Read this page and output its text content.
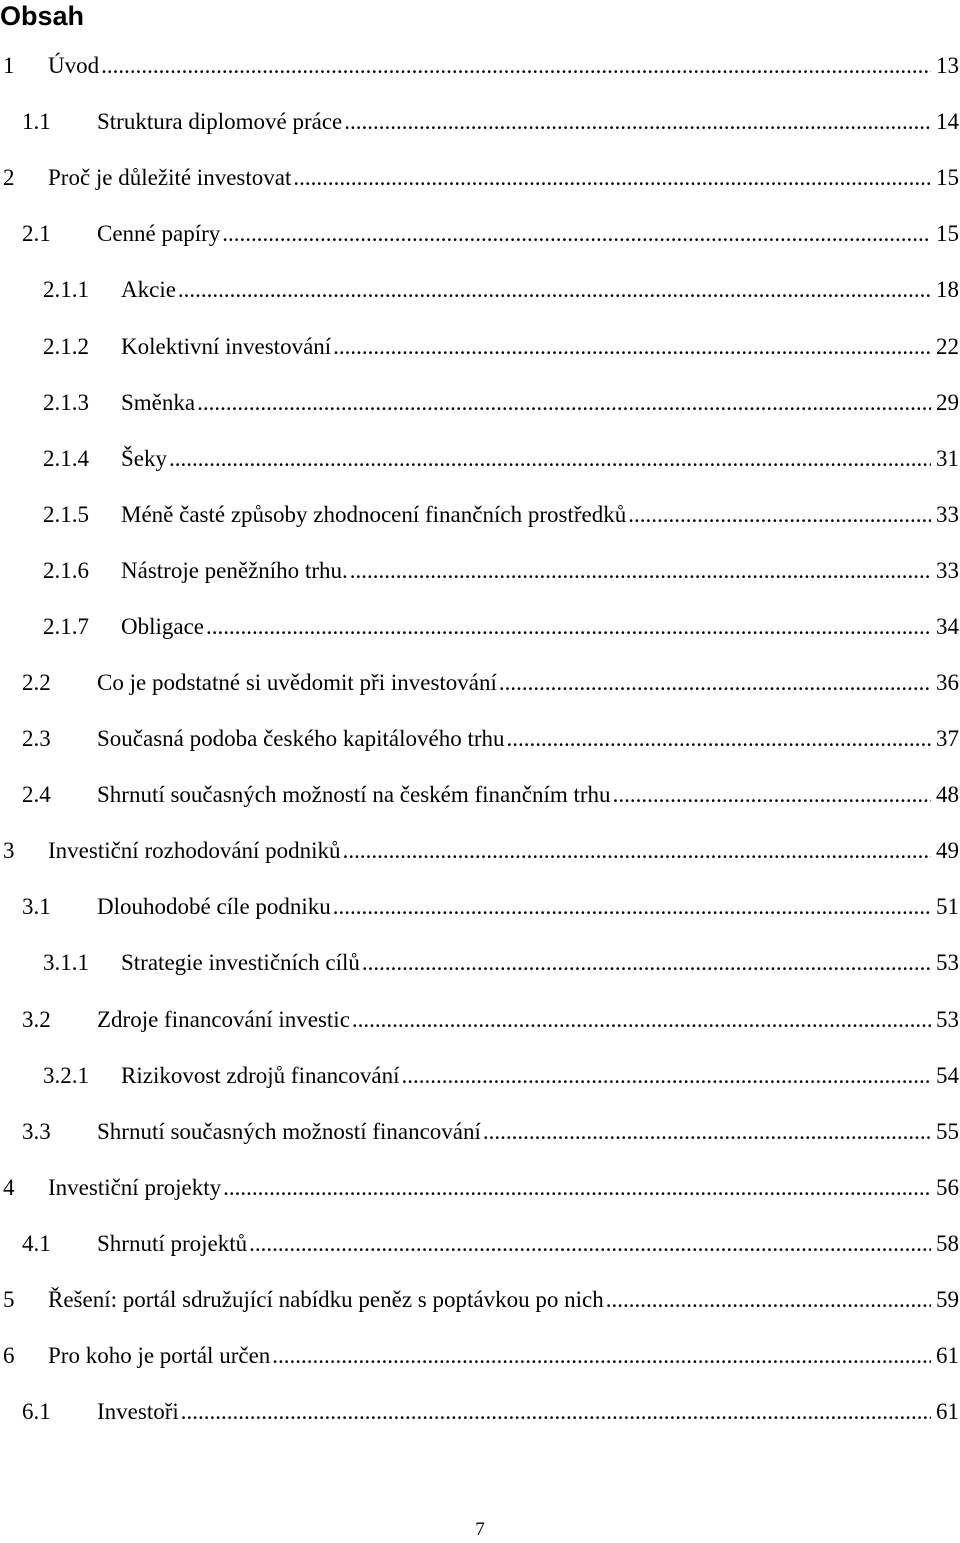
Obsah
1	Úvod .....	13
1.1	Struktura diplomové práce .....	14
2	Proč je důležité investovat .....	15
2.1	Cenné papíry .....	15
2.1.1	Akcie .....	18
2.1.2	Kolektivní investování .....	22
2.1.3	Směnka .....	29
2.1.4	Šeky .....	31
2.1.5	Méně časté způsoby zhodnocení finančních prostředků .....	33
2.1.6	Nástroje peněžního trhu. .....	33
2.1.7	Obligace .....	34
2.2	Co je podstatné si uvědomit při investování .....	36
2.3	Současná podoba českého kapitálového trhu .....	37
2.4	Shrnutí současných možností na českém finančním trhu .....	48
3	Investiční rozhodování podniků .....	49
3.1	Dlouhodobé cíle podniku .....	51
3.1.1	Strategie investičních cílů .....	53
3.2	Zdroje financování investic .....	53
3.2.1	Rizikovost zdrojů financování .....	54
3.3	Shrnutí současných možností financování .....	55
4	Investiční projekty .....	56
4.1	Shrnutí projektů .....	58
5	Řešení: portál sdružující nabídku peněz s poptávkou po nich .....	59
6	Pro koho je portál určen .....	61
6.1	Investoři .....	61
7
